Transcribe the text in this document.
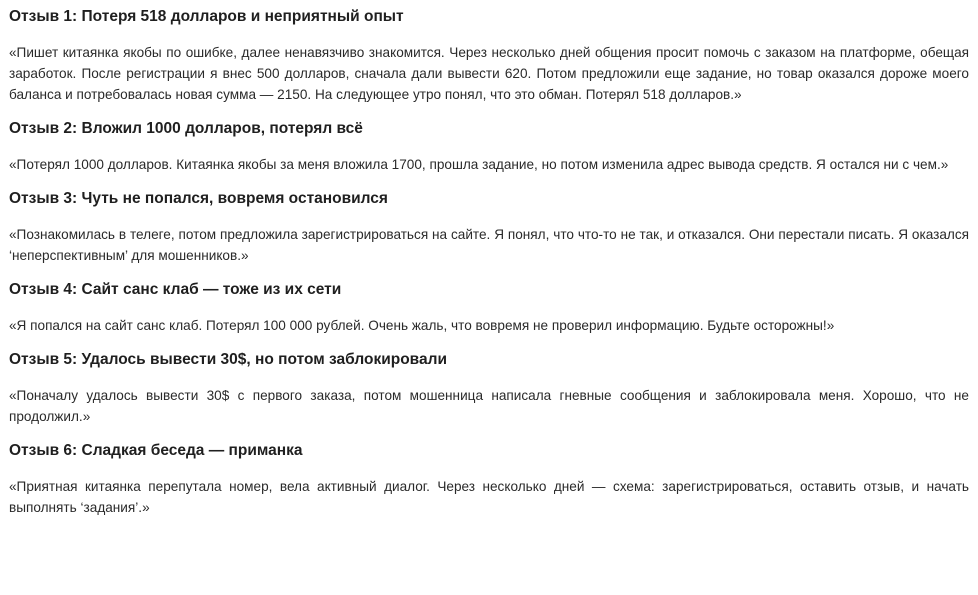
Отзыв 1: Потеря 518 долларов и неприятный опыт

«Пишет китаянка якобы по ошибке, далее ненавязчиво знакомится. Через несколько дней общения просит помочь с заказом на платформе, обещая заработок. После регистрации я внес 500 долларов, сначала дали вывести 620. Потом предложили еще задание, но товар оказался дороже моего баланса и потребовалась новая сумма — 2150. На следующее утро понял, что это обман. Потерял 518 долларов.»

Отзыв 2: Вложил 1000 долларов, потерял всё

«Потерял 1000 долларов. Китаянка якобы за меня вложила 1700, прошла задание, но потом изменила адрес вывода средств. Я остался ни с чем.»

Отзыв 3: Чуть не попался, вовремя остановился

«Познакомилась в телеге, потом предложила зарегистрироваться на сайте. Я понял, что что-то не так, и отказался. Они перестали писать. Я оказался ‘неперспективным’ для мошенников.»

Отзыв 4: Сайт санс клаб — тоже из их сети

«Я попался на сайт санс клаб. Потерял 100 000 рублей. Очень жаль, что вовремя не проверил информацию. Будьте осторожны!»

Отзыв 5: Удалось вывести 30$, но потом заблокировали

«Поначалу удалось вывести 30$ с первого заказа, потом мошенница написала гневные сообщения и заблокировала меня. Хорошо, что не продолжил.»

Отзыв 6: Сладкая беседа — приманка

«Приятная китаянка перепутала номер, вела активный диалог. Через несколько дней — схема: зарегистрироваться, оставить отзыв, и начать выполнять ‘задания’.»
